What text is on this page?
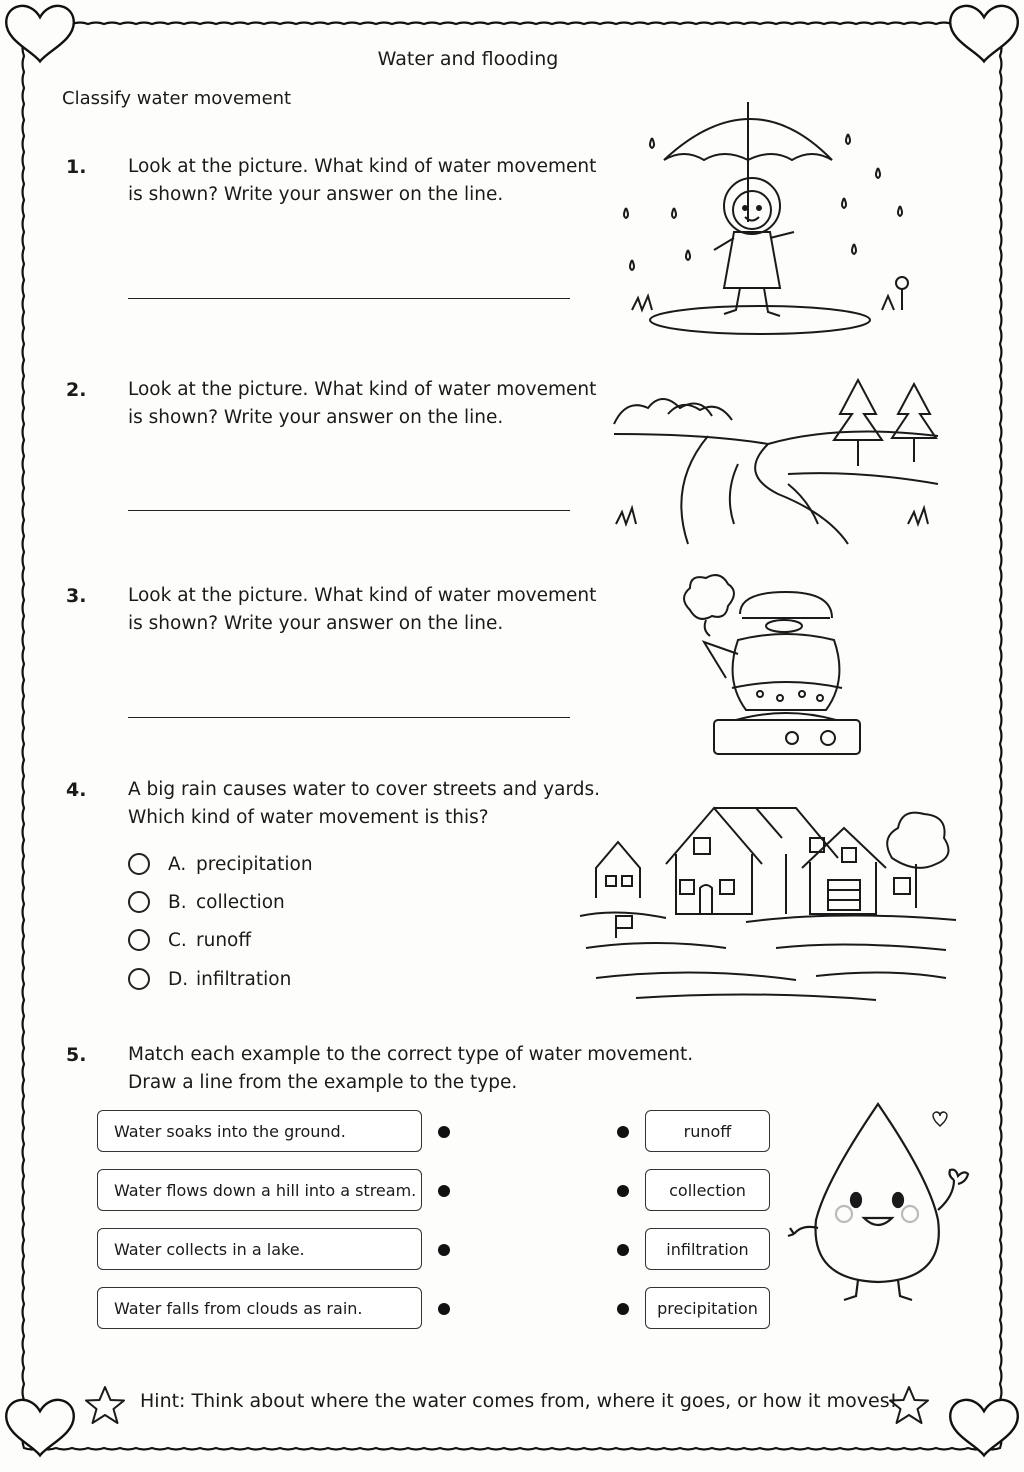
Water and flooding
Classify water movement
1. Look at the picture. What kind of water movement
is shown? Write your answer on the line.
2. Look at the picture. What kind of water movement
is shown? Write your answer on the line.
3. Look at the picture. What kind of water movement
is shown? Write your answer on the line.
4. A big rain causes water to cover streets and yards.
Which kind of water movement is this?
A. precipitation
B. collection
C. runoff
D. infiltration
5. Match each example to the correct type of water movement.
Draw a line from the example to the type.
Water soaks into the ground.
Water flows down a hill into a stream.
Water collects in a lake.
Water falls from clouds as rain.
runoff
collection
infiltration
precipitation
Hint: Think about where the water comes from, where it goes, or how it moves!
